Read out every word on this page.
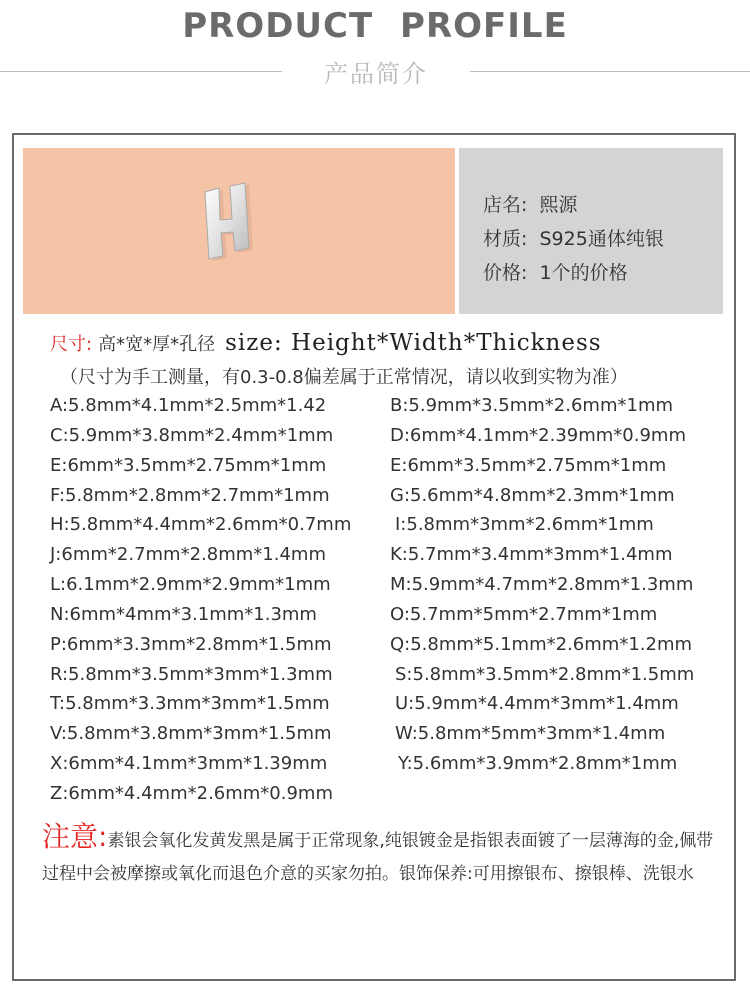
PRODUCT PROFILE
产品简介
店名: 熙源
材质: S925通体纯银
价格: 1个的价格
尺寸: 高*宽*厚*孔径 size: Height*Width*Thickness
（尺寸为手工测量，有0.3-0.8偏差属于正常情况，请以收到实物为准）
A:5.8mm*4.1mm*2.5mm*1.42	B:5.9mm*3.5mm*2.6mm*1mm
C:5.9mm*3.8mm*2.4mm*1mm	D:6mm*4.1mm*2.39mm*0.9mm
E:6mm*3.5mm*2.75mm*1mm	E:6mm*3.5mm*2.75mm*1mm
F:5.8mm*2.8mm*2.7mm*1mm	G:5.6mm*4.8mm*2.3mm*1mm
H:5.8mm*4.4mm*2.6mm*0.7mm I:5.8mm*3mm*2.6mm*1mm
J:6mm*2.7mm*2.8mm*1.4mm	K:5.7mm*3.4mm*3mm*1.4mm
L:6.1mm*2.9mm*2.9mm*1mm	M:5.9mm*4.7mm*2.8mm*1.3mm
N:6mm*4mm*3.1mm*1.3mm	O:5.7mm*5mm*2.7mm*1mm
P:6mm*3.3mm*2.8mm*1.5mm	Q:5.8mm*5.1mm*2.6mm*1.2mm
R:5.8mm*3.5mm*3mm*1.3mm	S:5.8mm*3.5mm*2.8mm*1.5mm
T:5.8mm*3.3mm*3mm*1.5mm	U:5.9mm*4.4mm*3mm*1.4mm
V:5.8mm*3.8mm*3mm*1.5mm	W:5.8mm*5mm*3mm*1.4mm
X:6mm*4.1mm*3mm*1.39mm	Y:5.6mm*3.9mm*2.8mm*1mm
Z:6mm*4.4mm*2.6mm*0.9mm
注意:素银会氧化发黄发黑是属于正常现象,纯银镀金是指银表面镀了一层薄海的金,佩带过程中会被摩擦或氧化而退色介意的买家勿拍。银饰保养:可用擦银布、擦银棒、洗银水
